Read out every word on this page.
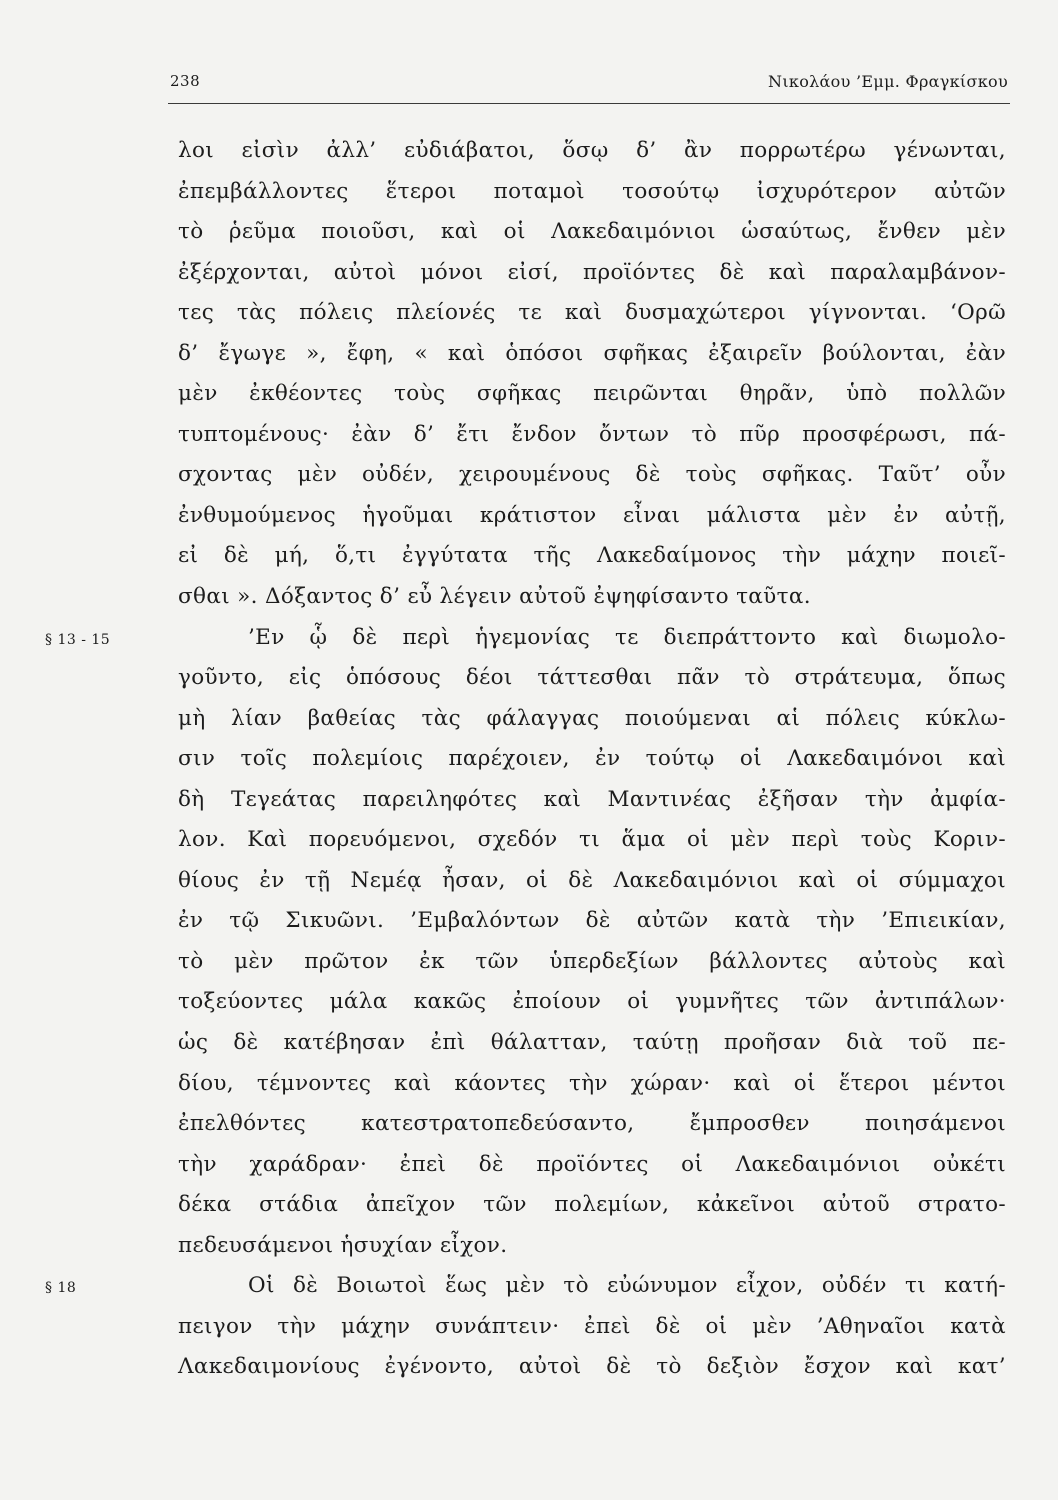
238	Νικολάου ’Εμμ. Φραγκίσκου
λοι εἰσὶν ἀλλ’ εὐδιάβατοι, ὅσῳ δ’ ἂν πορρωτέρω γένωνται,
ἐπεμβάλλοντες ἕτεροι ποταμοὶ τοσούτῳ ἰσχυρότερον αὐτῶν
τὸ ῥεῦμα ποιοῦσι, καὶ οἱ Λακεδαιμόνιοι ὡσαύτως, ἔνθεν μὲν
ἐξέρχονται, αὐτοὶ μόνοι εἰσί, προϊόντες δὲ καὶ παραλαμβάνον-
τες τὰς πόλεις πλείονές τε καὶ δυσμαχώτεροι γίγνονται. ‘Ορῶ
δ’ ἔγωγε », ἔφη, « καὶ ὁπόσοι σφῆκας ἐξαιρεῖν βούλονται, ἐὰν
μὲν ἐκθέοντες τοὺς σφῆκας πειρῶνται θηρᾶν, ὑπὸ πολλῶν
τυπτομένους· ἐὰν δ’ ἔτι ἔνδον ὄντων τὸ πῦρ προσφέρωσι, πά-
σχοντας μὲν οὐδέν, χειρουμένους δὲ τοὺς σφῆκας. Ταῦτ’ οὖν
ἐνθυμούμενος ἡγοῦμαι κράτιστον εἶναι μάλιστα μὲν ἐν αὐτῇ,
εἰ δὲ μή, ὅ,τι ἐγγύτατα τῆς Λακεδαίμονος τὴν μάχην ποιεῖ-
σθαι ». Δόξαντος δ’ εὖ λέγειν αὐτοῦ ἐψηφίσαντο ταῦτα.
§ 13 - 15	’Εν ᾧ δὲ περὶ ἡγεμονίας τε διεπράττοντο καὶ διωμολο-
γοῦντο, εἰς ὁπόσους δέοι τάττεσθαι πᾶν τὸ στράτευμα, ὅπως
μὴ λίαν βαθείας τὰς φάλαγγας ποιούμεναι αἱ πόλεις κύκλω-
σιν τοῖς πολεμίοις παρέχοιεν, ἐν τούτῳ οἱ Λακεδαιμόνοι καὶ
δὴ Τεγεάτας παρειληφότες καὶ Μαντινέας ἐξῆσαν τὴν ἀμφία-
λον. Καὶ πορευόμενοι, σχεδόν τι ἅμα οἱ μὲν περὶ τοὺς Κοριν-
θίους ἐν τῇ Νεμέᾳ ἦσαν, οἱ δὲ Λακεδαιμόνιοι καὶ οἱ σύμμαχοι
ἐν τῷ Σικυῶνι. ’Εμβαλόντων δὲ αὐτῶν κατὰ τὴν ’Επιεικίαν,
τὸ μὲν πρῶτον ἐκ τῶν ὑπερδεξίων βάλλοντες αὐτοὺς καὶ
τοξεύοντες μάλα κακῶς ἐποίουν οἱ γυμνῆτες τῶν ἀντιπάλων·
ὡς δὲ κατέβησαν ἐπὶ θάλατταν, ταύτῃ προῆσαν διὰ τοῦ πε-
δίου, τέμνοντες καὶ κάοντες τὴν χώραν· καὶ οἱ ἕτεροι μέντοι
ἐπελθόντες κατεστρατοπεδεύσαντο, ἔμπροσθεν ποιησάμενοι
τὴν χαράδραν· ἐπεὶ δὲ προϊόντες οἱ Λακεδαιμόνιοι οὐκέτι
δέκα στάδια ἀπεῖχον τῶν πολεμίων, κἀκεῖνοι αὐτοῦ στρατο-
πεδευσάμενοι ἡσυχίαν εἶχον.
§ 18	Οἱ δὲ Βοιωτοὶ ἕως μὲν τὸ εὐώνυμον εἶχον, οὐδέν τι κατή-
πειγον τὴν μάχην συνάπτειν· ἐπεὶ δὲ οἱ μὲν ’Αθηναῖοι κατὰ
Λακεδαιμονίους ἐγένοντο, αὐτοὶ δὲ τὸ δεξιὸν ἔσχον καὶ κατ’
